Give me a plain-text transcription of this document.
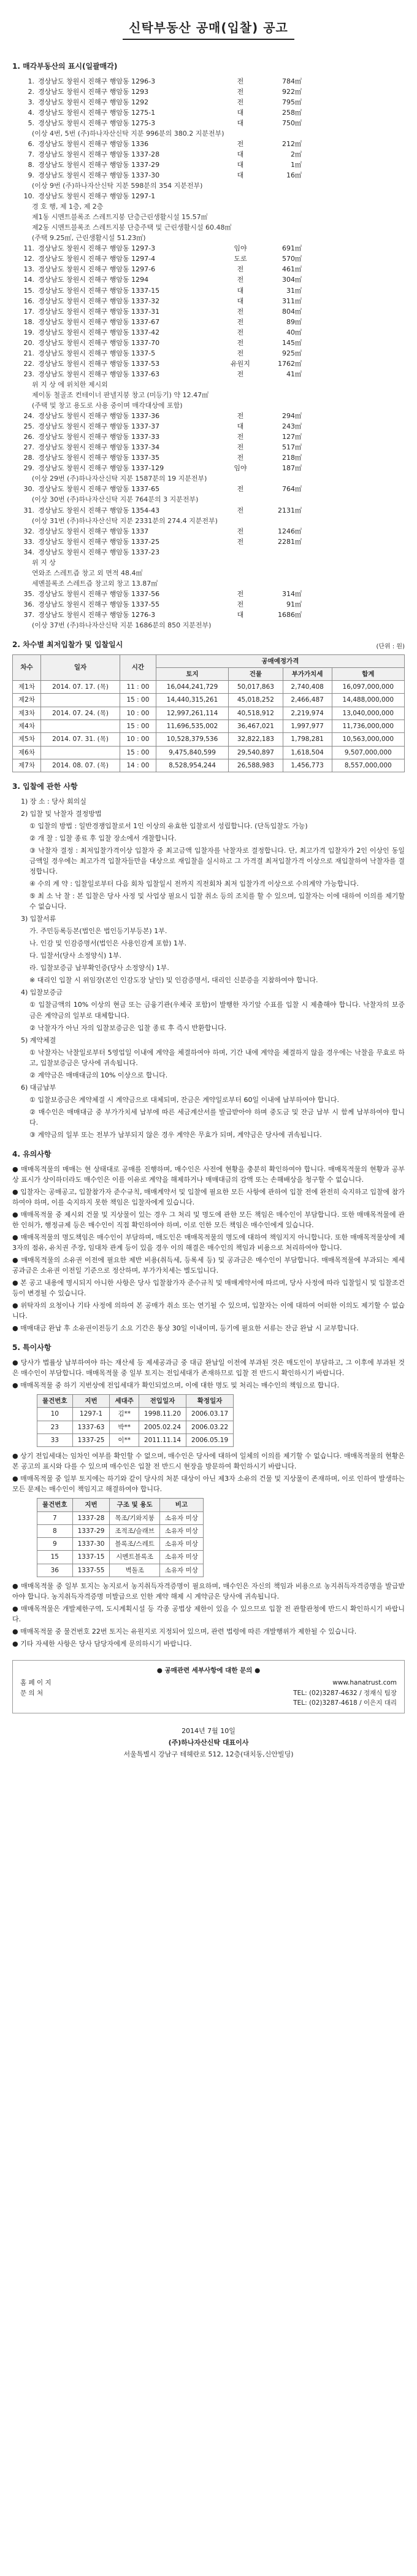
신탁부동산 공매(입찰) 공고
1. 매각부동산의 표시(일괄매각)
1. 경상남도 창원시 진해구 행암동 1296-3	전	784㎡
2. 경상남도 창원시 진해구 행암동 1293	전	922㎡
3. 경상남도 창원시 진해구 행암동 1292	전	795㎡
4. 경상남도 창원시 진해구 행암동 1275-1	대	258㎡
5. 경상남도 창원시 진해구 행암동 1275-3	대	750㎡
(이상 4번, 5번 (주)하나자산신탁 지분 996분의 380.2 지분전부)
6. 경상남도 창원시 진해구 행암동 1336	전	212㎡
7. 경상남도 창원시 진해구 행암동 1337-28	대	2㎡
8. 경상남도 창원시 진해구 행암동 1337-29	대	1㎡
9. 경상남도 창원시 진해구 행암동 1337-30	대	16㎡
(이상 9번 (주)하나자산신탁 지분 598분의 354 지분전부)
10. 경상남도 창원시 진해구 행암동 1297-1
경 호 행, 제 1층, 제 2층
제1동 시멘트블록조 스레트지붕 단층근린생활시설 15.57㎡
제2동 시멘트블록조 스레트지붕 단층주택 및 근린생활시설 60.48㎡
(주택 9.25㎡, 근린생활시설 51.23㎡)
11. 경상남도 창원시 진해구 행암동 1297-3	임야	691㎡
12. 경상남도 창원시 진해구 행암동 1297-4	도로	570㎡
13. 경상남도 창원시 진해구 행암동 1297-6	전	461㎡
14. 경상남도 창원시 진해구 행암동 1294	전	304㎡
15. 경상남도 창원시 진해구 행암동 1337-15	대	31㎡
16. 경상남도 창원시 진해구 행암동 1337-32	대	311㎡
17. 경상남도 창원시 진해구 행암동 1337-31	전	804㎡
18. 경상남도 창원시 진해구 행암동 1337-67	전	89㎡
19. 경상남도 창원시 진해구 행암동 1337-42	전	40㎡
20. 경상남도 창원시 진해구 행암동 1337-70	전	145㎡
21. 경상남도 창원시 진해구 행암동 1337-5	전	925㎡
22. 경상남도 창원시 진해구 행암동 1337-53	유원지	1762㎡
23. 경상남도 창원시 진해구 행암동 1337-63	전	41㎡
위 지 상 에 위치한 제시외
제이동 철골조 컨테이너 판넬지붕 창고 (미등기) 약 12.47㎡
(주택 및 창고 용도로 사용 중이며 매각대상에 포함)
24. 경상남도 창원시 진해구 행암동 1337-36	전	294㎡
25. 경상남도 창원시 진해구 행암동 1337-37	대	243㎡
26. 경상남도 창원시 진해구 행암동 1337-33	전	127㎡
27. 경상남도 창원시 진해구 행암동 1337-34	전	517㎡
28. 경상남도 창원시 진해구 행암동 1337-35	전	218㎡
29. 경상남도 창원시 진해구 행암동 1337-129	임야	187㎡
(이상 29번 (주)하나자산신탁 지분 1587분의 19 지분전부)
30. 경상남도 창원시 진해구 행암동 1337-65	전	764㎡
(이상 30번 (주)하나자산신탁 지분 764분의 3 지분전부)
31. 경상남도 창원시 진해구 행암동 1354-43	전	2131㎡
(이상 31번 (주)하나자산신탁 지분 2331분의 274.4 지분전부)
32. 경상남도 창원시 진해구 행암동 1337	전	1246㎡
33. 경상남도 창원시 진해구 행암동 1337-25	전	2281㎡
34. 경상남도 창원시 진해구 행암동 1337-23
위 지 상
연와조 스레트즙 창고 외 면적 48.4㎡
세멘블록조 스레트즙 창고외 창고 13.87㎡
35. 경상남도 창원시 진해구 행암동 1337-56	전	314㎡
36. 경상남도 창원시 진해구 행암동 1337-55	전	91㎡
37. 경상남도 창원시 진해구 행암동 1276-3	대	1686㎡
(이상 37번 (주)하나자산신탁 지분 1686분의 850 지분전부)
2. 차수별 최저입찰가 및 입찰일시	(단위 : 원)
차수	일자	시간	공매예정가격			
			토지	건물	부가가치세	합계
제1차	2014. 07. 17. (목)	11 : 00	16,044,241,729	50,017,863	2,740,408	16,097,000,000
제2차		15 : 00	14,440,315,261	45,018,252	2,466,487	14,488,000,000
제3차	2014. 07. 24. (목)	10 : 00	12,997,261,114	40,518,912	2,219,974	13,040,000,000
제4차		15 : 00	11,696,535,002	36,467,021	1,997,977	11,736,000,000
제5차	2014. 07. 31. (목)	10 : 00	10,528,379,536	32,822,183	1,798,281	10,563,000,000
제6차		15 : 00	9,475,840,599	29,540,897	1,618,504	9,507,000,000
제7차	2014. 08. 07. (목)	14 : 00	8,528,954,244	26,588,983	1,456,773	8,557,000,000
3. 입찰에 관한 사항
1) 장 소 : 당사 회의실
2) 입찰 및 낙찰자 결정방법
① 입찰의 방법 : 일반경쟁입찰로서 1인 이상의 유효한 입찰로서 성립합니다. (단독입찰도 가능)
② 개 찰 : 입찰 종료 후 입찰 장소에서 개찰합니다.
③ 낙찰자 결정 : 최저입찰가격이상 입찰자 중 최고금액 입찰자를 낙찰자로 결정합니다. 단, 최고가격 입찰자가 2인 이상인 동일금액일 경우에는 최고가격 입찰자들만을 대상으로 재입찰을 실시하고 그 가격결 최저입찰가격 이상으로 재입찰하여 낙찰자를 결정합니다.
④ 수의 계 약 : 입찰일로부터 다음 회차 입찰일시 전까지 직전회차 최저 입찰가격 이상으로 수의계약 가능합니다.
⑤ 최 소 낙 찰 : 본 입찰은 당사 사정 및 사업상 필요시 입찰 취소 등의 조치를 할 수 있으며, 입찰자는 이에 대하여 이의를 제기할 수 없습니다.
3) 입찰서류
가. 주민등록등본(법인은 법인등기부등본) 1부.
나. 인감 및 인감증명서(법인은 사용인감계 포함) 1부.
다. 입찰서(당사 소정양식) 1부.
라. 입찰보증금 납부확인증(당사 소정양식) 1부.
※ 대리인 입찰 시 위임장(본인 인감도장 날인) 및 인감증명서, 대리인 신분증을 지참하여야 합니다.
4) 입찰보증금
① 입찰금액의 10% 이상의 현금 또는 금융기관(우체국 포함)이 발행한 자기앞 수표를 입찰 시 제출해야 합니다. 낙찰자의 보증금은 계약금의 일부로 대체합니다.
② 낙찰자가 아닌 자의 입찰보증금은 입찰 종료 후 즉시 반환합니다.
5) 계약체결
① 낙찰자는 낙찰일로부터 5영업일 이내에 계약을 체결하여야 하며, 기간 내에 계약을 체결하지 않을 경우에는 낙찰을 무효로 하고, 입찰보증금은 당사에 귀속됩니다.
② 계약금은 매매대금의 10% 이상으로 합니다.
6) 대금납부
① 입찰보증금은 계약체결 시 계약금으로 대체되며, 잔금은 계약일로부터 60일 이내에 납부하여야 합니다.
② 매수인은 매매대금 중 부가가치세 납부에 따른 세금계산서를 발급받아야 하며 중도금 및 잔금 납부 시 함께 납부하여야 합니다.
③ 계약금의 일부 또는 전부가 납부되지 않은 경우 계약은 무효가 되며, 계약금은 당사에 귀속됩니다.
4. 유의사항
● 매매목적물의 매매는 현 상태대로 공매를 진행하며, 매수인은 사전에 현황을 충분히 확인하여야 합니다. 매매목적물의 현황과 공부상 표시가 상이하더라도 매수인은 이를 이유로 계약을 해제하거나 매매대금의 감액 또는 손해배상을 청구할 수 없습니다.
● 입찰자는 공매공고, 입찰참가자 준수규칙, 매매계약서 및 입찰에 필요한 모든 사항에 관하여 입찰 전에 완전히 숙지하고 입찰에 참가하여야 하며, 이를 숙지하지 못한 책임은 입찰자에게 있습니다.
● 매매목적물 중 제시외 건물 및 지상물이 있는 경우 그 처리 및 명도에 관한 모든 책임은 매수인이 부담합니다. 또한 매매목적물에 관한 인허가, 행정규제 등은 매수인이 직접 확인하여야 하며, 이로 인한 모든 책임은 매수인에게 있습니다.
● 매매목적물의 명도책임은 매수인이 부담하며, 매도인은 매매목적물의 명도에 대하여 책임지지 아니합니다. 또한 매매목적물상에 제3자의 점유, 유치권 주장, 임대차 관계 등이 있을 경우 이의 해결은 매수인의 책임과 비용으로 처리하여야 합니다.
● 매매목적물의 소유권 이전에 필요한 제반 비용(취득세, 등록세 등) 및 공과금은 매수인이 부담합니다. 매매목적물에 부과되는 제세공과금은 소유권 이전일 기준으로 정산하며, 부가가치세는 별도입니다.
● 본 공고 내용에 명시되지 아니한 사항은 당사 입찰참가자 준수규칙 및 매매계약서에 따르며, 당사 사정에 따라 입찰일시 및 입찰조건 등이 변경될 수 있습니다.
● 위탁자의 요청이나 기타 사정에 의하여 본 공매가 취소 또는 연기될 수 있으며, 입찰자는 이에 대하여 어떠한 이의도 제기할 수 없습니다.
● 매매대금 완납 후 소유권이전등기 소요 기간은 통상 30일 이내이며, 등기에 필요한 서류는 잔금 완납 시 교부합니다.
5. 특이사항
● 당사가 법률상 납부하여야 하는 재산세 등 제세공과금 중 대금 완납일 이전에 부과된 것은 매도인이 부담하고, 그 이후에 부과된 것은 매수인이 부담합니다. 매매목적물 중 일부 토지는 전입세대가 존재하므로 입찰 전 반드시 확인하시기 바랍니다.
● 매매목적물 중 하기 지번상에 전입세대가 확인되었으며, 이에 대한 명도 및 처리는 매수인의 책임으로 합니다.
물건번호	지번	세대주	전입일자	확정일자
10	1297-1	김**	1998.11.20	2006.03.17
23	1337-63	박**	2005.02.24	2006.03.22
33	1337-25	이**	2011.11.14	2006.05.19
● 상기 전입세대는 임차인 여부를 확인할 수 없으며, 매수인은 당사에 대하여 일체의 이의를 제기할 수 없습니다. 매매목적물의 현황은 본 공고의 표시와 다를 수 있으며 매수인은 입찰 전 반드시 현장을 방문하여 확인하시기 바랍니다.
● 매매목적물 중 일부 토지에는 하기와 같이 당사의 처분 대상이 아닌 제3자 소유의 건물 및 지상물이 존재하며, 이로 인하여 발생하는 모든 문제는 매수인이 책임지고 해결하여야 합니다.
물건번호	지번	구조 및 용도	비고
7	1337-28	목조/기와지붕	소유자 미상
8	1337-29	조적조/슬래브	소유자 미상
9	1337-30	블록조/스레트	소유자 미상
15	1337-15	시멘트블록조	소유자 미상
36	1337-55	벽돌조	소유자 미상
● 매매목적물 중 일부 토지는 농지로서 농지취득자격증명이 필요하며, 매수인은 자신의 책임과 비용으로 농지취득자격증명을 발급받아야 합니다. 농지취득자격증명 미발급으로 인한 계약 해제 시 계약금은 당사에 귀속됩니다.
● 매매목적물은 개발제한구역, 도시계획시설 등 각종 공법상 제한이 있을 수 있으므로 입찰 전 관할관청에 반드시 확인하시기 바랍니다.
● 매매목적물 중 물건번호 22번 토지는 유원지로 지정되어 있으며, 관련 법령에 따른 개발행위가 제한될 수 있습니다.
● 기타 자세한 사항은 당사 담당자에게 문의하시기 바랍니다.
● 공매관련 세부사항에 대한 문의 ●
홈 페 이 지	www.hanatrust.com
문 의 처	TEL: (02)3287-4632 / 정재식 팀장
TEL: (02)3287-4618 / 이은지 대리
2014년 7월 10일
(주)하나자산신탁 대표이사
서울특별시 강남구 테헤란로 512, 12층(대치동,신안빌딩)
